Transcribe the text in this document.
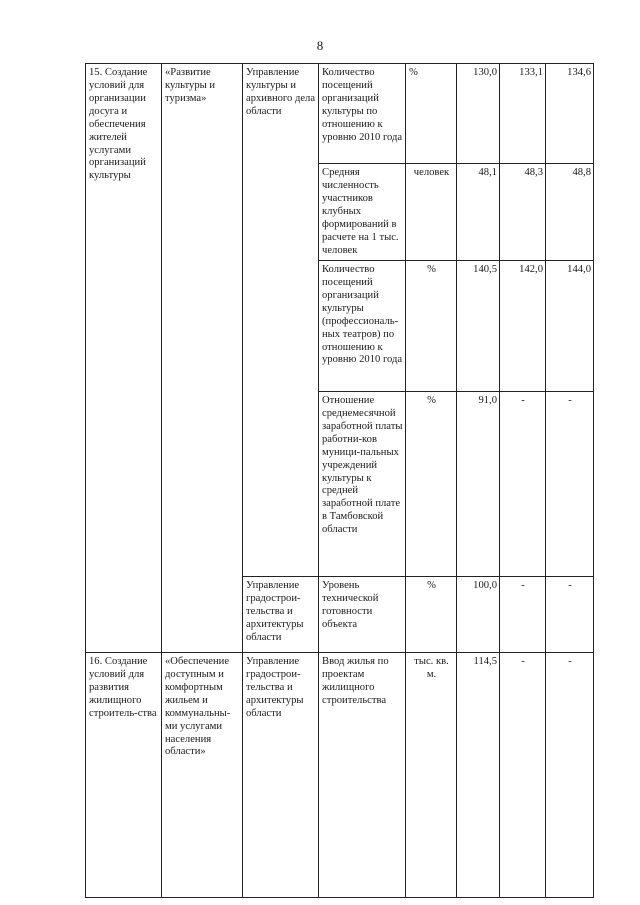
8
15. Создание условий для организации досуга и обеспечения жителей услугами организаций культуры	«Развитие культуры и туризма»	Управление культуры и архивного дела области	Количество посещений организаций культуры по отношению к уровню 2010 года	%	130,0	133,1	134,6
			Средняя численность участников клубных формирований в расчете на 1 тыс. человек	человек	48,1	48,3	48,8
			Количество посещений организаций культуры (профессиональ-ных театров) по отношению к уровню 2010 года	%	140,5	142,0	144,0
			Отношение среднемесячной заработной платы работни-ков муници-пальных учреждений культуры к средней заработной плате в Тамбовской области	%	91,0	-	-
		Управление градострои-тельства и архитектуры области	Уровень технической готовности объекта	%	100,0	-	-
16. Создание условий для развития жилищного строитель-ства	«Обеспечение доступным и комфортным жильем и коммунальны-ми услугами населения области»	Управление градострои-тельства и архитектуры области	Ввод жилья по проектам жилищного строительства	тыс. кв. м.	114,5	-	-
